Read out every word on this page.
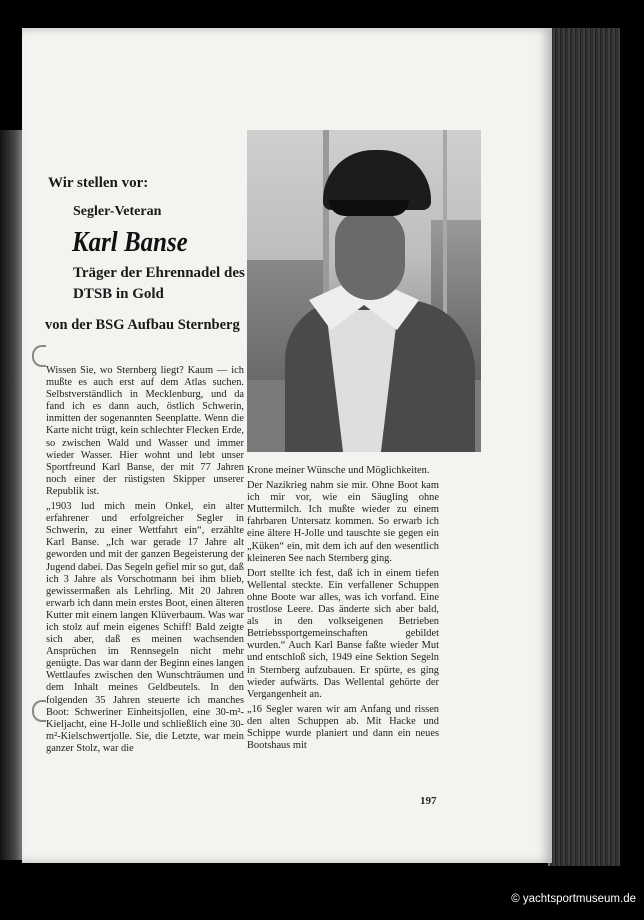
Wir stellen vor:
Segler-Veteran
Karl Banse
Träger der Ehrennadel des DTSB in Gold
von der BSG Aufbau Sternberg

Wissen Sie, wo Sternberg liegt? Kaum — ich mußte es auch erst auf dem Atlas suchen. Selbstverständlich in Mecklenburg, und da fand ich es dann auch, östlich Schwerin, inmitten der sogenannten Seenplatte. Wenn die Karte nicht trügt, kein schlechter Flecken Erde, so zwischen Wald und Wasser und immer wieder Wasser. Hier wohnt und lebt unser Sportfreund Karl Banse, der mit 77 Jahren noch einer der rüstigsten Skipper unserer Republik ist.

„1903 lud mich mein Onkel, ein alter erfahrener und erfolgreicher Segler in Schwerin, zu einer Wettfahrt ein“, erzählte Karl Banse. „Ich war gerade 17 Jahre alt geworden und mit der ganzen Begeisterung der Jugend dabei. Das Segeln gefiel mir so gut, daß ich 3 Jahre als Vorschotmann bei ihm blieb, gewissermaßen als Lehrling. Mit 20 Jahren erwarb ich dann mein erstes Boot, einen älteren Kutter mit einem langen Klüverbaum. Was war ich stolz auf mein eigenes Schiff! Bald zeigte sich aber, daß es meinen wachsenden Ansprüchen im Rennsegeln nicht mehr genügte. Das war dann der Beginn eines langen Wettlaufes zwischen den Wunschträumen und dem Inhalt meines Geldbeutels. In den folgenden 35 Jahren steuerte ich manches Boot: Schweriner Einheitsjollen, eine 30-m²-Kieljacht, eine H-Jolle und schließlich eine 30-m²-Kielschwertjolle. Sie, die Letzte, war mein ganzer Stolz, war die

Krone meiner Wünsche und Möglichkeiten.

Der Nazikrieg nahm sie mir. Ohne Boot kam ich mir vor, wie ein Säugling ohne Muttermilch. Ich mußte wieder zu einem fahrbaren Untersatz kommen. So erwarb ich eine ältere H-Jolle und tauschte sie gegen ein „Küken“ ein, mit dem ich auf den wesentlich kleineren See nach Sternberg ging.

Dort stellte ich fest, daß ich in einem tiefen Wellental steckte. Ein verfallener Schuppen ohne Boote war alles, was ich vorfand. Eine trostlose Leere. Das änderte sich aber bald, als in den volkseigenen Betrieben Betriebssportgemeinschaften gebildet wurden.“ Auch Karl Banse faßte wieder Mut und entschloß sich, 1949 eine Sektion Segeln in Sternberg aufzubauen. Er spürte, es ging wieder aufwärts. Das Wellental gehörte der Vergangenheit an.

„16 Segler waren wir am Anfang und rissen den alten Schuppen ab. Mit Hacke und Schippe wurde planiert und dann ein neues Bootshaus mit

197
© yachtsportmuseum.de
